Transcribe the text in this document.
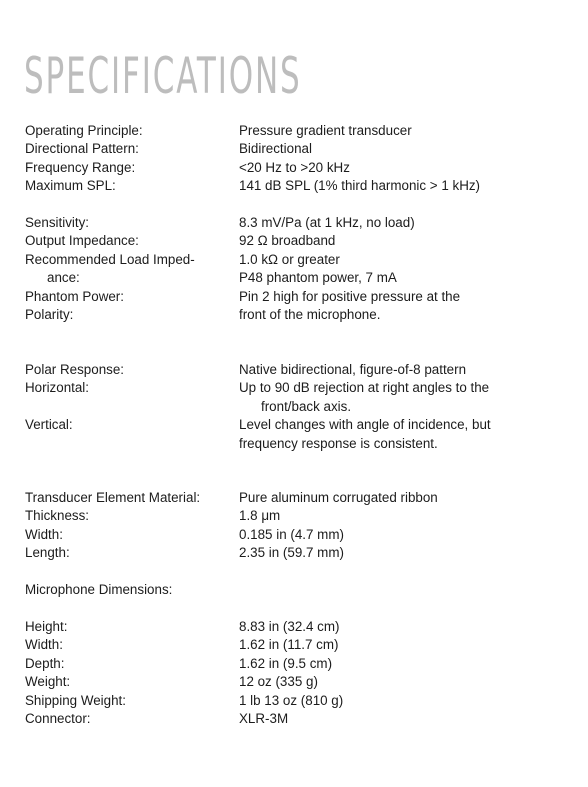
SPECIFICATIONS
Operating Principle:
Directional Pattern:
Frequency Range:
Maximum SPL:
Pressure gradient transducer
Bidirectional
<20 Hz to >20 kHz
141 dB SPL (1% third harmonic > 1 kHz)
Sensitivity:
Output Impedance:
Recommended Load Imped-
ance:
Phantom Power:
Polarity:
8.3 mV/Pa (at 1 kHz, no load)
92 Ω broadband
1.0 kΩ or greater
P48 phantom power, 7 mA
Pin 2 high for positive pressure at the
front of the microphone.
Polar Response:
Horizontal:

Vertical:

Native bidirectional, figure-of-8 pattern
Up to 90 dB rejection at right angles to the
front/back axis.
Level changes with angle of incidence, but
frequency response is consistent.
Transducer Element Material:
Thickness:
Width:
Length:
Pure aluminum corrugated ribbon
1.8 μm
0.185 in (4.7 mm)
2.35 in (59.7 mm)
Microphone Dimensions:
Height:
Width:
Depth:
Weight:
Shipping Weight:
Connector:
8.83 in (32.4 cm)
1.62 in (11.7 cm)
1.62 in (9.5 cm)
12 oz (335 g)
1 lb 13 oz (810 g)
XLR-3M
